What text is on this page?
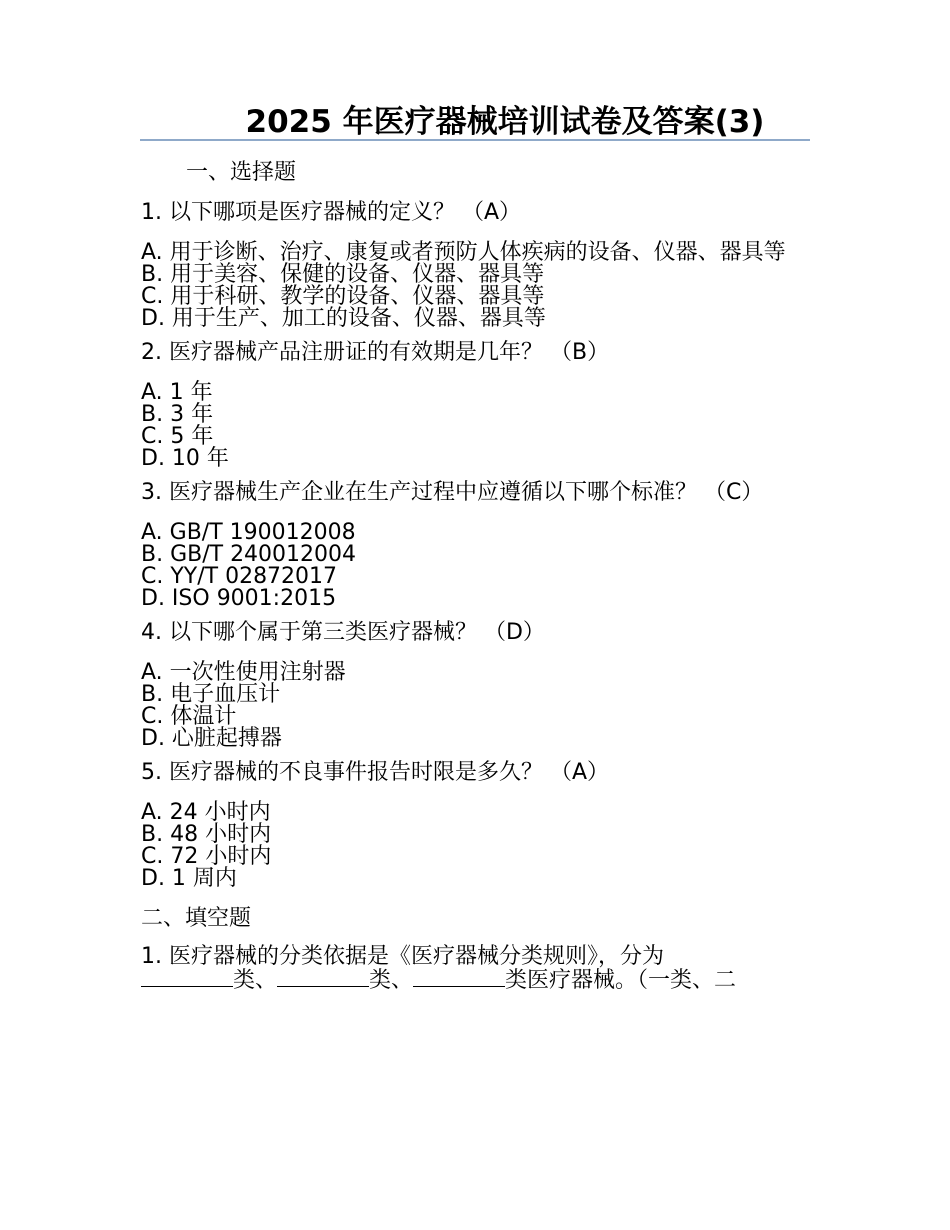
2025 年医疗器械培训试卷及答案(3)

一、选择题

1. 以下哪项是医疗器械的定义？ （A）

A. 用于诊断、治疗、康复或者预防人体疾病的设备、仪器、器具等
B. 用于美容、保健的设备、仪器、器具等
C. 用于科研、教学的设备、仪器、器具等
D. 用于生产、加工的设备、仪器、器具等

2. 医疗器械产品注册证的有效期是几年？ （B）

A. 1 年
B. 3 年
C. 5 年
D. 10 年

3. 医疗器械生产企业在生产过程中应遵循以下哪个标准？ （C）

A. GB/T 190012008
B. GB/T 240012004
C. YY/T 02872017
D. ISO 9001:2015

4. 以下哪个属于第三类医疗器械？ （D）

A. 一次性使用注射器
B. 电子血压计
C. 体温计
D. 心脏起搏器

5. 医疗器械的不良事件报告时限是多久？ （A）

A. 24 小时内
B. 48 小时内
C. 72 小时内
D. 1 周内

二、填空题

1. 医疗器械的分类依据是《医疗器械分类规则》，分为
类、	类、	类医疗器械。（一类、二
